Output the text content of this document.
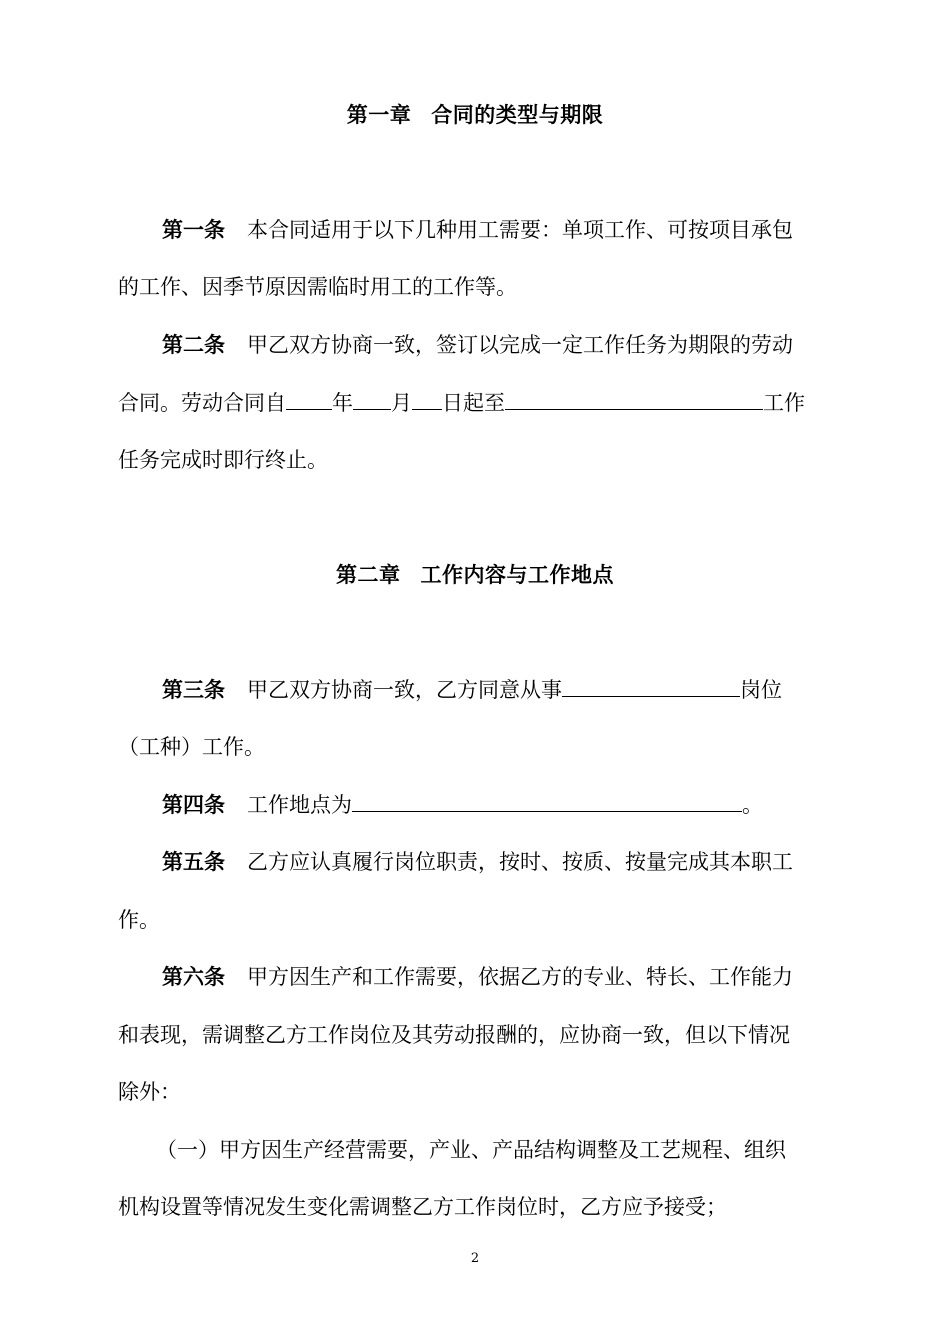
第一章 合同的类型与期限
第一条 本合同适用于以下几种用工需要：单项工作、可按项目承包
的工作、因季节原因需临时用工的工作等。
第二条 甲乙双方协商一致，签订以完成一定工作任务为期限的劳动
合同。劳动合同自 年 月 日起至	工作
任务完成时即行终止。
第二章 工作内容与工作地点
第三条 甲乙双方协商一致，乙方同意从事	岗位
（工种）工作。
第四条 工作地点为	。
第五条 乙方应认真履行岗位职责，按时、按质、按量完成其本职工
作。
第六条 甲方因生产和工作需要，依据乙方的专业、特长、工作能力
和表现，需调整乙方工作岗位及其劳动报酬的，应协商一致，但以下情况
除外：
（一）甲方因生产经营需要，产业、产品结构调整及工艺规程、组织
机构设置等情况发生变化需调整乙方工作岗位时，乙方应予接受；
2
